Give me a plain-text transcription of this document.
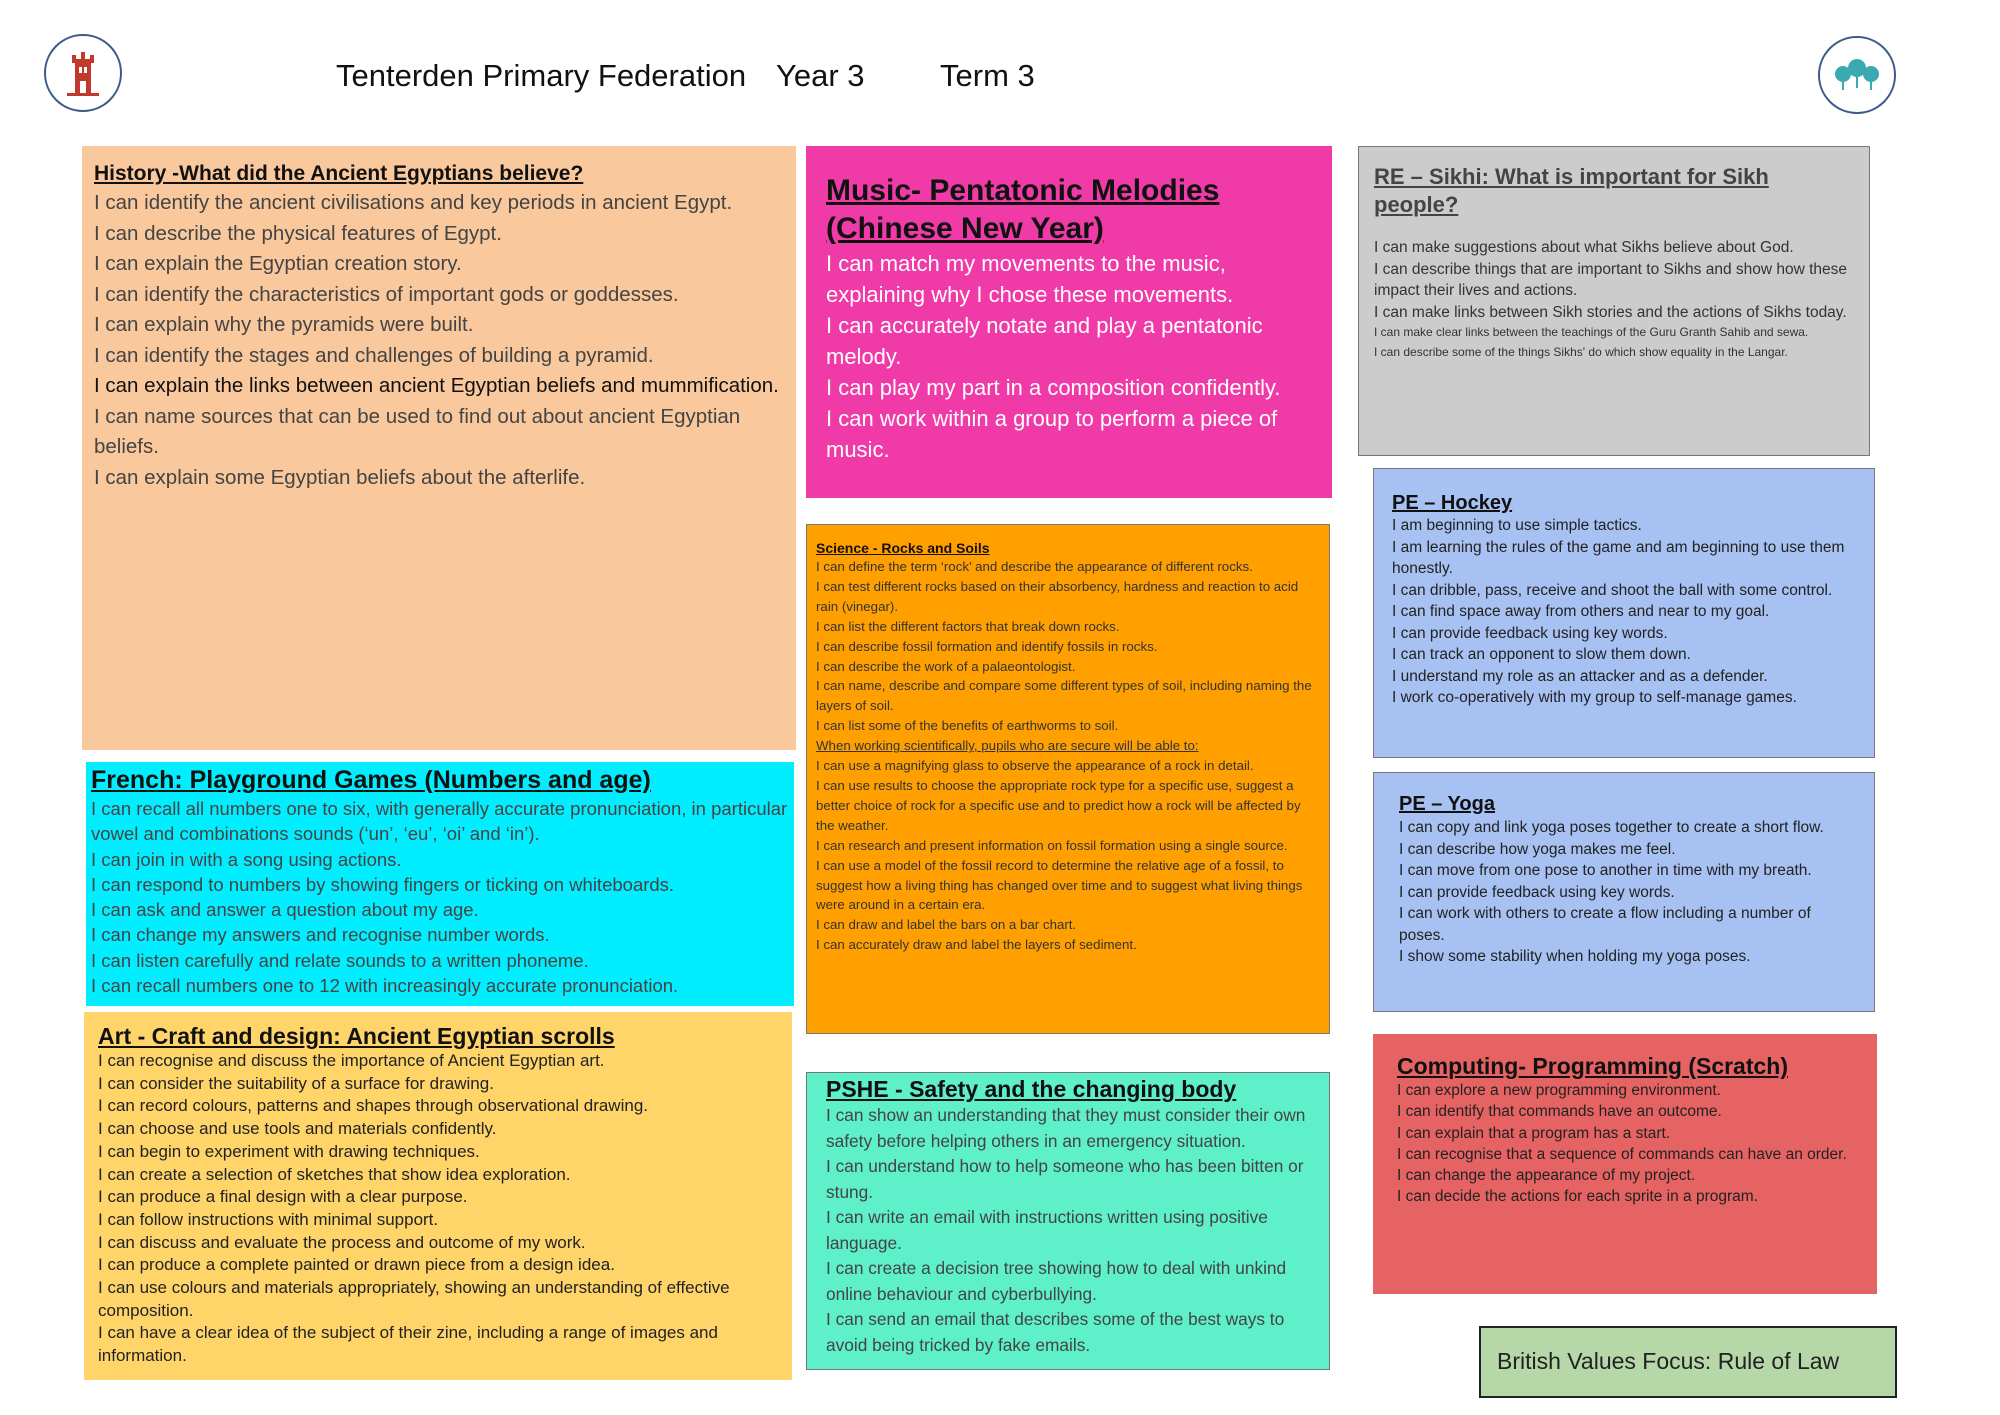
Tenterden Primary Federation Year 3 Term 3
History -What did the Ancient Egyptians believe?
I can identify the ancient civilisations and key periods in ancient Egypt.
I can describe the physical features of Egypt.
I can explain the Egyptian creation story.
I can identify the characteristics of important gods or goddesses.
I can explain why the pyramids were built.
I can identify the stages and challenges of building a pyramid.
I can explain the links between ancient Egyptian beliefs and mummification.
I can name sources that can be used to find out about ancient Egyptian beliefs.
I can explain some Egyptian beliefs about the afterlife.
Music- Pentatonic Melodies (Chinese New Year)
I can match my movements to the music, explaining why I chose these movements.
I can accurately notate and play a pentatonic melody.
I can play my part in a composition confidently.
I can work within a group to perform a piece of music.
RE – Sikhi: What is important for Sikh people?
I can make suggestions about what Sikhs believe about God.
I can describe things that are important to Sikhs and show how these impact their lives and actions.
I can make links between Sikh stories and the actions of Sikhs today.
I can make clear links between the teachings of the Guru Granth Sahib and sewa.
I can describe some of the things Sikhs' do which show equality in the Langar.
French: Playground Games (Numbers and age)
I can recall all numbers one to six, with generally accurate pronunciation, in particular vowel and combinations sounds (‘un’, ‘eu’, ‘oi’ and ‘in’).
I can join in with a song using actions.
I can respond to numbers by showing fingers or ticking on whiteboards.
I can ask and answer a question about my age.
I can change my answers and recognise number words.
I can listen carefully and relate sounds to a written phoneme.
I can recall numbers one to 12 with increasingly accurate pronunciation.
Science - Rocks and Soils
I can define the term ‘rock’ and describe the appearance of different rocks.
I can test different rocks based on their absorbency, hardness and reaction to acid rain (vinegar).
I can list the different factors that break down rocks.
I can describe fossil formation and identify fossils in rocks.
I can describe the work of a palaeontologist.
I can name, describe and compare some different types of soil, including naming the layers of soil.
I can list some of the benefits of earthworms to soil.
When working scientifically, pupils who are secure will be able to:
I can use a magnifying glass to observe the appearance of a rock in detail.
I can use results to choose the appropriate rock type for a specific use, suggest a better choice of rock for a specific use and to predict how a rock will be affected by the weather.
I can research and present information on fossil formation using a single source.
I can use a model of the fossil record to determine the relative age of a fossil, to suggest how a living thing has changed over time and to suggest what living things were around in a certain era.
I can draw and label the bars on a bar chart.
I can accurately draw and label the layers of sediment.
PE – Hockey
I am beginning to use simple tactics.
I am learning the rules of the game and am beginning to use them honestly.
I can dribble, pass, receive and shoot the ball with some control.
I can find space away from others and near to my goal.
I can provide feedback using key words.
I can track an opponent to slow them down.
I understand my role as an attacker and as a defender.
I work co-operatively with my group to self-manage games.
PE – Yoga
I can copy and link yoga poses together to create a short flow.
I can describe how yoga makes me feel.
I can move from one pose to another in time with my breath.
I can provide feedback using key words.
I can work with others to create a flow including a number of poses.
I show some stability when holding my yoga poses.
Art - Craft and design: Ancient Egyptian scrolls
I can recognise and discuss the importance of Ancient Egyptian art.
I can consider the suitability of a surface for drawing.
I can record colours, patterns and shapes through observational drawing.
I can choose and use tools and materials confidently.
I can begin to experiment with drawing techniques.
I can create a selection of sketches that show idea exploration.
I can produce a final design with a clear purpose.
I can follow instructions with minimal support.
I can discuss and evaluate the process and outcome of my work.
I can produce a complete painted or drawn piece from a design idea.
I can use colours and materials appropriately, showing an understanding of effective composition.
I can have a clear idea of the subject of their zine, including a range of images and information.
PSHE - Safety and the changing body
I can show an understanding that they must consider their own safety before helping others in an emergency situation.
I can understand how to help someone who has been bitten or stung.
I can write an email with instructions written using positive language.
I can create a decision tree showing how to deal with unkind online behaviour and cyberbullying.
I can send an email that describes some of the best ways to avoid being tricked by fake emails.
Computing- Programming (Scratch)
I can explore a new programming environment.
I can identify that commands have an outcome.
I can explain that a program has a start.
I can recognise that a sequence of commands can have an order.
I can change the appearance of my project.
I can decide the actions for each sprite in a program.
British Values Focus: Rule of Law
